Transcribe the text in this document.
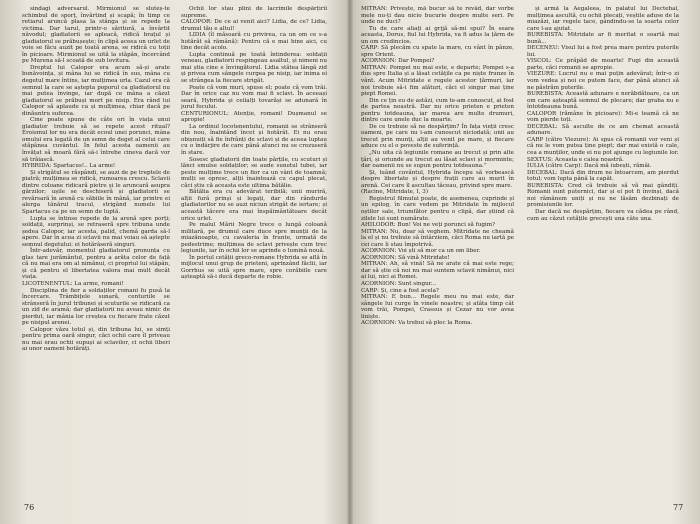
sindagi adversarul. Mirmionul se sluteș-te schimbul de sporț, învârtind și scapă; în timp ce retiarul aruncă plasa la stânga și se repede la victima. Dar tarul, printr-o săritură, a învârtit năvodul; gladiatorii se apleacă, ridică brațul și gladiatorul se prăbușește; în clipă aceea un urlet de voie se făcu auzit pe toată arena, se ridică cu toții în picioare. Mirmionul se uită la stăpân, încercând pe Murena să-l scoată de sub lovitura.

Dreptul lui Calopor era acum să-și arate bunăvoința, și mâna lui se ridică în sus, mâna cu degetul mare întins, iar mulțimea urla. Cazul era că semnul la care se aștepta poporul ca gladiatorul nu mai putea învinge, iar după ce mâna a căzut gladiatorul se prăbuși mort pe nisip. Era rând lui Calopor să aplaude ca și mulțimea, chiar dacă pe dinăuntru suferea.

Cine poate spune de câte ori în viața unui gladiator trebuie să se repete acest ritual? Eroismul lor nu era decât ecoul unei porunci, mâna omului era legată de un semn de deget al celui care stăpânea cuvântul. În felul acesta oamenii au învățat să moară fără să-i întrebe cineva dacă vor să trăiască.

HYBRIDA: Spartacus!.. La arme!

Și strigătul se răspândi, se auzi de pe treptele de piatră; mulțimea se ridică, rumoarea crescu. Sclavii dintre coloane ridicară pietre și le aruncară asupra gărzilor; ușile se deschiseră și gladiatorii se revărsară în arenă cu săbiile în mână, iar printre ei alerga tânărul tracul, strigând numele lui Spartacus ca pe un semn de luptă.

Lupta se întinse repede de la arenă spre porți; soldații, surprinși, se retraseră spre tribuna unde ședea Calopor, iar acesta, palid, chemă garda să-l apere. Dar în acea zi sclavii nu mai voiau să aștepte semnul degetului: ei hotărâseră singuri.

Într-adevăr, momentul gladiatorul pronunța cu glas tare jurământul, pentru a arăta celor de față că nu mai era om al nimănui, ci propriul lui stăpân, și că pentru el libertatea valora mai mult decât viața.

LICOTENENTUL: La arme, romani!

Disciplina de fier a soldaților romani fu pusă la încercare. Trâmbițele sunară, centuriile se strânseră în jurul tribunei și scuturile se ridicară ca un zid de aramă; dar gladiatorii nu aveau nimic de pierdut, iar mânia lor creștea cu fiecare frate căzut pe nisipul arenei.

Calopor văzu totul și, din tribuna lui, se simți pentru prima oară singur, căci ochii care îl priveau nu mai erau ochii supuși ai sclavilor, ci ochii liberi ai unor oameni hotărâți.

Ochii lor stau plini de lacrimile despărțirii supreme.

CALOPOR: De ce ai venit aici? Lidia, de ce? Lidia, drumul tău e altul!

LIDIA (îl măsoară cu privirea, ca un om ce s-a hotărât să rămână): Pentru că e mai bine aici, cu tine decât acolo.

Lupta continuă pe toată întinderea: soldații veneau, gladiatorii respingeau asaltul, și nimeni nu mai știa cine e învingătorul. Lidia stătea lângă zid și privea cum sângele curgea pe nisip, iar inima ei se strângea la fiecare strigăt.

Poate că vom muri, spuse el; poate că vom trăi. Dar în orice caz nu vom mai fi sclavi. În aceeași seară, Hybrida și ceilalți tovarăși se adunară în jurul focului.

CENTURIONUL: Atenție, romani! Dușmanul se apropie!

La ordinul locotenentului, romanii se strânseră din nou, înaintând încet și hotărât. Ei nu erau obișnuiți să fie înfrânți de sclavi și de aceea luptau cu o îndârjire de care până atunci nu se crezuseră în stare.

Sosesc gladiatorii din toate părțile, cu scuturi și lănci smulse soldaților; se aude sunetul tubei, iar peste mulțime trece un fior ca un vânt de toamnă; mulți se opresc, alții înaintează cu capul plecat, căci știu că aceasta este ultima bătălie.

Bătălia era cu adevărat teribilă; unii muriră, alții fură prinși și legați, dar din rândurile gladiatorilor nu se auzi niciun strigăt de iertare; și această tăcere era mai înspăimântătoare decât orice urlet.

Pe malul Mării Negre trece o lungă coloană militară, pe drumul care duce spre munții de la miazănoapte, cu cavaleria în frunte, urmată de pedestrime; mulțimea de sclavi privește cum trec legiunile, iar în ochii lor se aprinde o lumină nouă.

În portul cetății greco-romane Hybrida se află în mijlocul unui grup de prieteni, aprinzând făclii, iar Gorrhus se uită spre mare, spre corăbiile care așteaptă să-i ducă departe de robie.

76

MITRAN: Privește, mă bucur să te revăd, dar vorbe mele nu-ți dau nicio bucurie despre multe seri. Pe unde ne duci?

Tu de care aliați ai grijă să-mi spui? În seara aceasta, Dorus, fiul lui Hybrida, va fi adus la țărm de un om credincios.

CARP: Să plecăm cu spate la mare, cu vânt în pânze, spre Orient.

ACORNION: Dar Pompei?

MITRAN: Pompei nu mai este, e departe; Pompei s-a dus spre Italia și a lăsat cetățile ca pe niște frunze în vânt. Acum Mitridate e regele acestor țărmuri, iar noi trebuie să-i fim alături, căci el singur mai ține piept Romei.

Din ce țin eu de astăzi, cum te-am cunoscut, ai fost de partea noastră. Dar nu orice prieten e prieten pentru totdeauna, iar marea are multe drumuri, dintre care unele duc la moarte.

De ce trebuie să ne despărțim? În fața vieții cresc oameni, pe care nu i-am cunoscut niciodată; unii au trecut prin munți, alții au venit pe mare, și fiecare aduce cu el o poveste de suferință.

„Nu uita că legiunile romane au trecut și prin alte țări, și oriunde au trecut au lăsat sclavi și morminte; dar oamenii nu se supun pentru totdeauna.”

Și, luând cuvântul, Hybrida începu să vorbească despre libertate și despre frații care au murit în arenă. Cei care îl ascultau tăceau, privind spre mare.

(Racine, Mitridate, I, 3)

Registrul filmului poate, de asemenea, cuprinde și un epilog, în care vedem pe Mitridate în mijlocul oștilor sale, triumfător pentru o clipă, dar știind că zilele lui sunt numărate.

AHILODOR: Bun! Voi ne veți porunci să fugim?

MITRAN: Nu, doar să veghem. Mitridate ne cheamă la el și nu trebuie să întârziem, căci Roma nu iartă pe cei care îi stau împotrivă.

ACORNION: Voi ști să mor ca un om liber.

ACORNION: Să vină Mitridate!

MITRAN: Ah, să vină! Să ne arate că mai este rege; dar să știe că noi nu mai suntem sclavii nimănui, nici ai lui, nici ai Romei.

ACORNION: Sunt singur...

CARP: Și, cine a fost acela?

MITRAN: E bun... Regele meu nu mai este, dar sângele lui curge în vinele noastre; și atâta timp cât vom trăi, Pompei, Crassus și Cezar nu vor avea liniște.

ACORNION: Va trebui să plec la Roma.

și armă la Aegaleea, în palatul lui Dectebal, mulțimea ascultă, cu ochii plecați, veștile aduse de la miazăzi, iar regele tace, gândindu-se la soarta celor care l-au ajutat.

BUREBISTA: Mitridate ar fi meritat o soartă mai bună...

DECENEU: Visul lui a fost prea mare pentru puterile lui.

VISCOL: Ce prăpăd de moarte! Fugi din această parte, căci romanii se apropie.

VIEZURE: Lucrul nu e mai puțin adevărat; într-o zi vom vedea și noi ce putem face, dar până atunci să ne păstrăm puterile.

BUREBISTA: Această adunare e nerăbdătoare, ca un om care așteaptă semnul de plecare; dar graba nu e întotdeauna bună.

CALOPOR (rămâne în picioare): Mi-e teamă că ne vom pierde toți.

DECEBAL: Să asculte de ce am chemat această adunare.

CARP (către Viezure): Ai spus că romanii vor veni și că nu le vom putea ține piept; dar mai există o cale, cea a munților, unde ei nu pot ajunge cu legiunile lor.

SEXTUS: Aceasta e calea noastră.

IULIA (către Carp): Dacă mă iubești, rămâi.

DECEBAL: Dacă din drum ne întoarcem, am pierdut totul; vom lupta până la capăt.

BUREBISTA: Cred că trebuie să vă mai gândiți. Romanii sunt puternici, dar și ei pot fi învinși, dacă noi rămânem uniți și nu ne lăsăm dezbinați de promisiunile lor.

Dar dacă ne despărțim, fiecare va cădea pe rând, cum au căzut cetățile grecești una câte una.

77
